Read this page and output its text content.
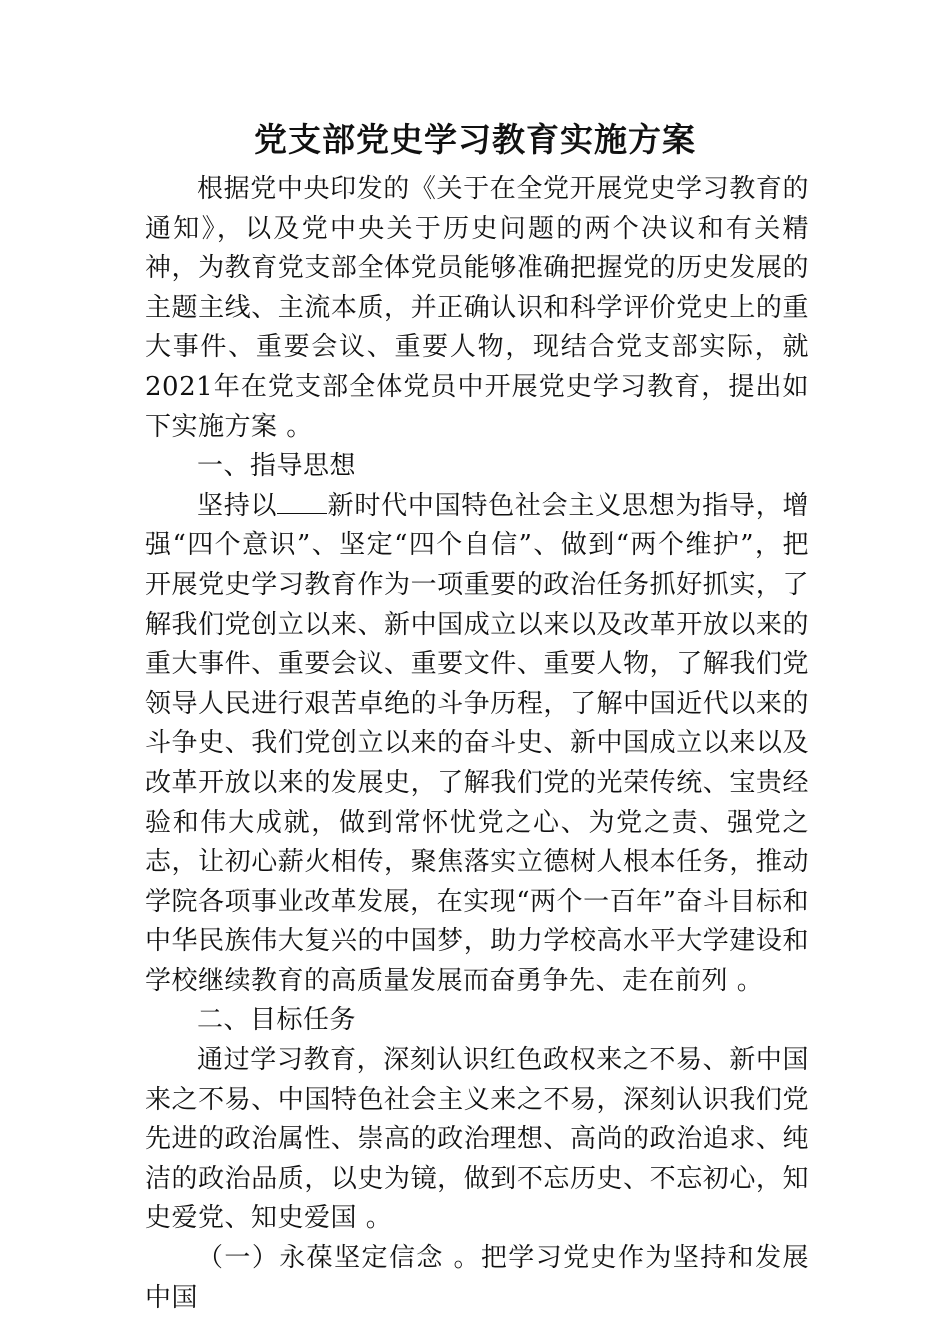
党支部党史学习教育实施方案

根据党中央印发的《关于在全党开展党史学习教育的通知》，以及党中央关于历史问题的两个决议和有关精神，为教育党支部全体党员能够准确把握党的历史发展的主题主线、主流本质，并正确认识和科学评价党史上的重大事件、重要会议、重要人物，现结合党支部实际，就2021年在党支部全体党员中开展党史学习教育，提出如下实施方案 。

一、指导思想

坚持以 新时代中国特色社会主义思想为指导，增强“四个意识”、坚定“四个自信”、做到“两个维护”，把开展党史学习教育作为一项重要的政治任务抓好抓实，了解我们党创立以来、新中国成立以来以及改革开放以来的重大事件、重要会议、重要文件、重要人物，了解我们党领导人民进行艰苦卓绝的斗争历程，了解中国近代以来的斗争史、我们党创立以来的奋斗史、新中国成立以来以及改革开放以来的发展史，了解我们党的光荣传统、宝贵经验和伟大成就，做到常怀忧党之心、为党之责、强党之志，让初心薪火相传，聚焦落实立德树人根本任务，推动学院各项事业改革发展，在实现“两个一百年”奋斗目标和中华民族伟大复兴的中国梦，助力学校高水平大学建设和学校继续教育的高质量发展而奋勇争先、走在前列 。

二、目标任务

通过学习教育，深刻认识红色政权来之不易、新中国来之不易、中国特色社会主义来之不易，深刻认识我们党先进的政治属性、崇高的政治理想、高尚的政治追求、纯洁的政治品质，以史为镜，做到不忘历史、不忘初心，知史爱党、知史爱国 。

（一）永葆坚定信念 。把学习党史作为坚持和发展中国
